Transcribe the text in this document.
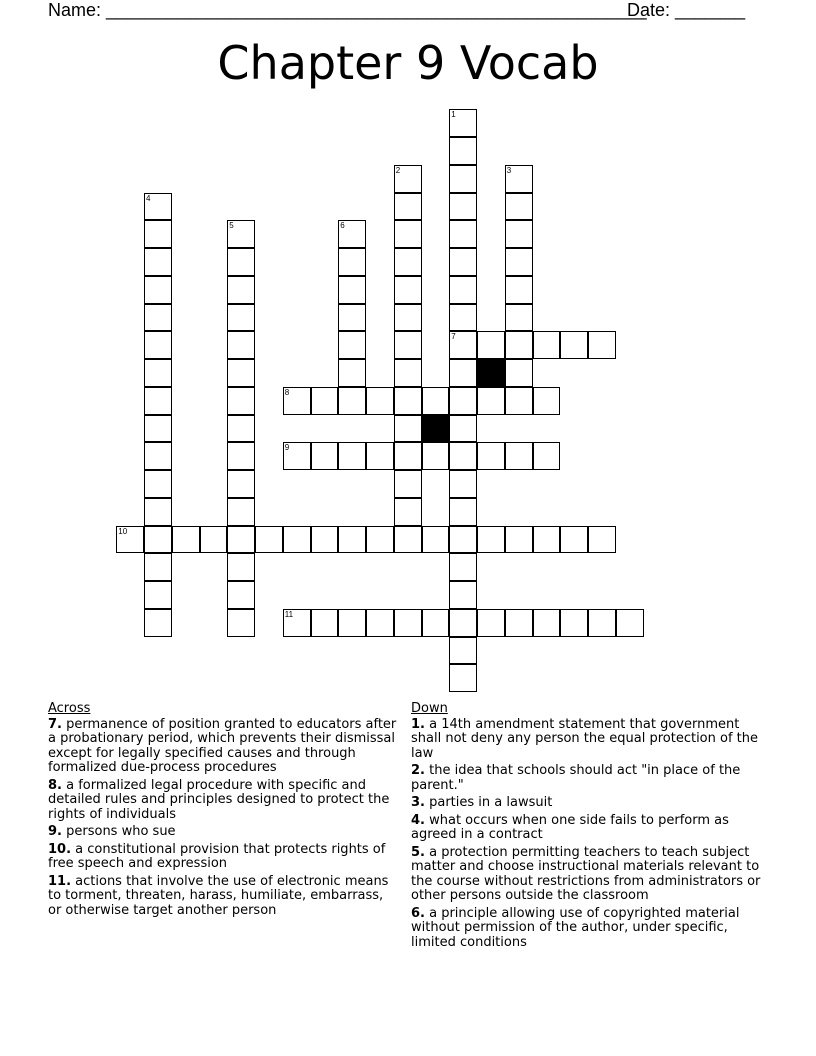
Name: ______________________________________________________
Date: _______
Chapter 9 Vocab
1
7
2	3
4
5	6
8
9
10
11
Across
7. permanence of position granted to educators after a probationary period, which prevents their dismissal except for legally specified causes and through formalized due-process procedures
8. a formalized legal procedure with specific and detailed rules and principles designed to protect the rights of individuals
9. persons who sue
10. a constitutional provision that protects rights of free speech and expression
11. actions that involve the use of electronic means to torment, threaten, harass, humiliate, embarrass, or otherwise target another person
Down
1. a 14th amendment statement that government shall not deny any person the equal protection of the law
2. the idea that schools should act "in place of the parent."
3. parties in a lawsuit
4. what occurs when one side fails to perform as agreed in a contract
5. a protection permitting teachers to teach subject matter and choose instructional materials relevant to the course without restrictions from administrators or other persons outside the classroom
6. a principle allowing use of copyrighted material without permission of the author, under specific, limited conditions
